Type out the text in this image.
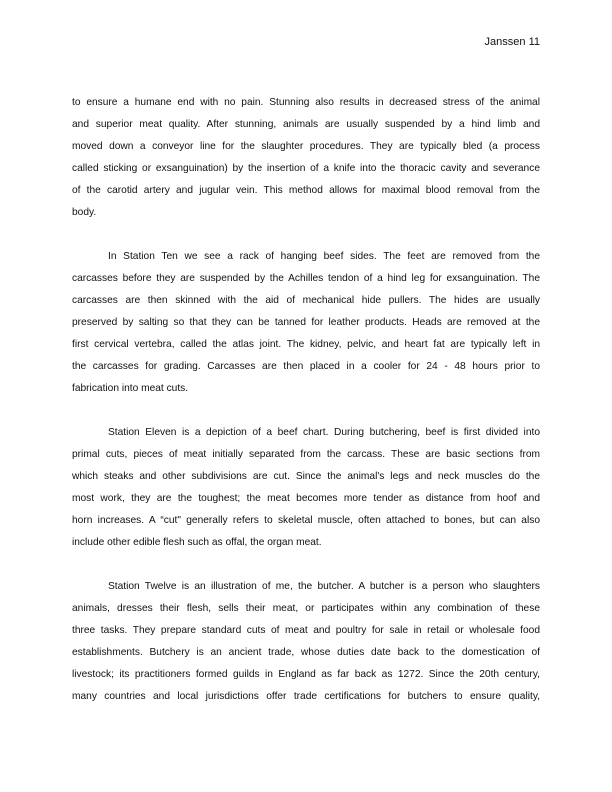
Janssen 11
to ensure a humane end with no pain. Stunning also results in decreased stress of the animal
and superior meat quality. After stunning, animals are usually suspended by a hind limb and
moved down a conveyor line for the slaughter procedures. They are typically bled (a process
called sticking or exsanguination) by the insertion of a knife into the thoracic cavity and severance
of the carotid artery and jugular vein. This method allows for maximal blood removal from the
body.
In Station Ten we see a rack of hanging beef sides. The feet are removed from the
carcasses before they are suspended by the Achilles tendon of a hind leg for exsanguination. The
carcasses are then skinned with the aid of mechanical hide pullers. The hides are usually
preserved by salting so that they can be tanned for leather products. Heads are removed at the
first cervical vertebra, called the atlas joint. The kidney, pelvic, and heart fat are typically left in
the carcasses for grading. Carcasses are then placed in a cooler for 24 - 48 hours prior to
fabrication into meat cuts.
Station Eleven is a depiction of a beef chart. During butchering, beef is first divided into
primal cuts, pieces of meat initially separated from the carcass. These are basic sections from
which steaks and other subdivisions are cut. Since the animal's legs and neck muscles do the
most work, they are the toughest; the meat becomes more tender as distance from hoof and
horn increases. A “cut" generally refers to skeletal muscle, often attached to bones, but can also
include other edible flesh such as offal, the organ meat.
Station Twelve is an illustration of me, the butcher. A butcher is a person who slaughters
animals, dresses their flesh, sells their meat, or participates within any combination of these
three tasks. They prepare standard cuts of meat and poultry for sale in retail or wholesale food
establishments. Butchery is an ancient trade, whose duties date back to the domestication of
livestock; its practitioners formed guilds in England as far back as 1272. Since the 20th century,
many countries and local jurisdictions offer trade certifications for butchers to ensure quality,
